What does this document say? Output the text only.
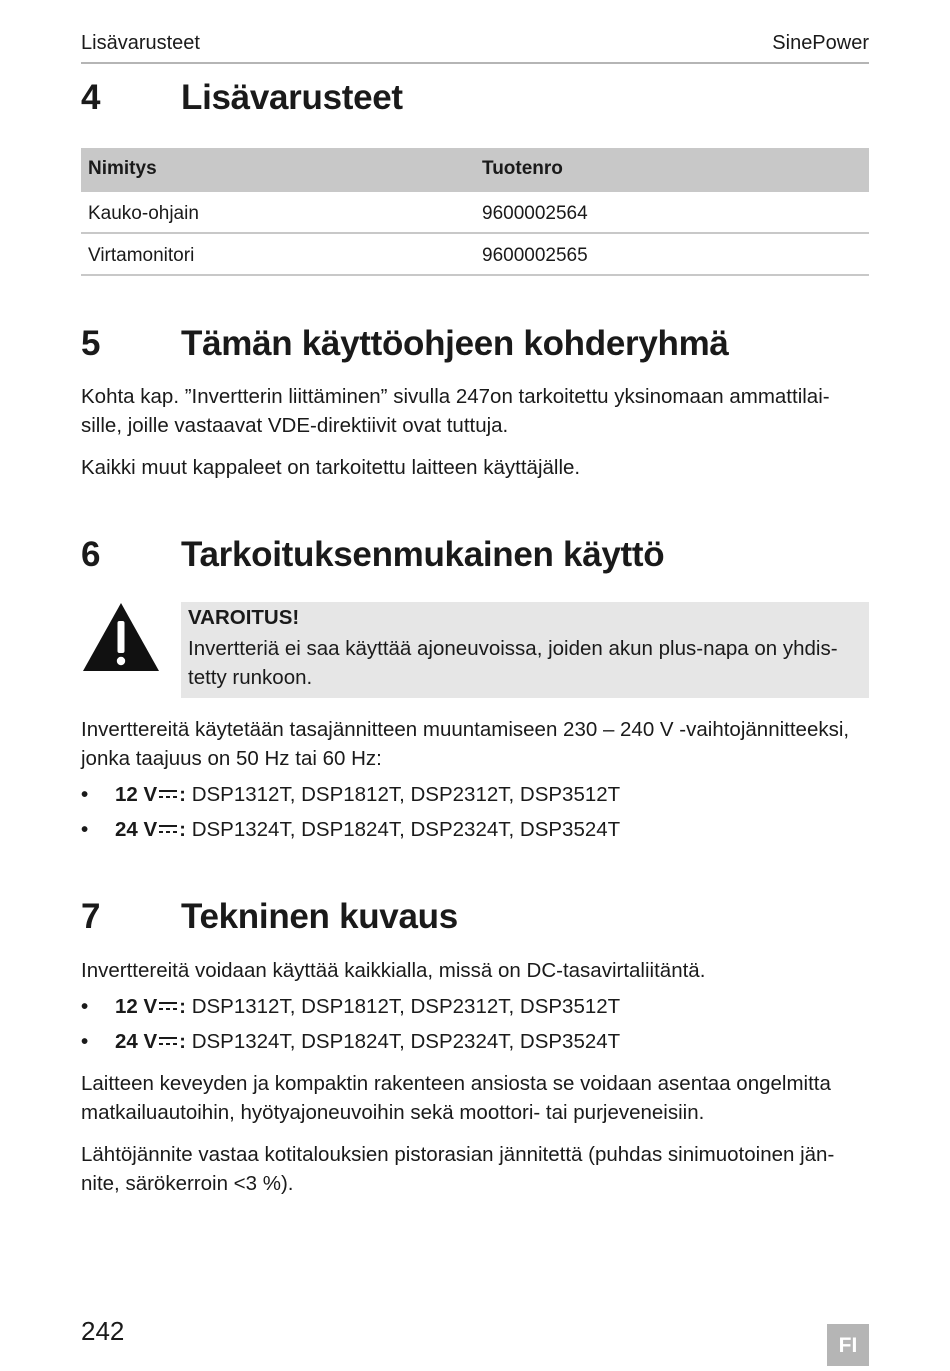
Lisävarusteet	SinePower
4 Lisävarusteet
Nimitys	Tuotenro
Kauko-ohjain	9600002564
Virtamonitori	9600002565
5 Tämän käyttöohjeen kohderyhmä
Kohta kap. ”Invertterin liittäminen” sivulla 247on tarkoitettu yksinomaan ammattilai-
sille, joille vastaavat VDE-direktiivit ovat tuttuja.
Kaikki muut kappaleet on tarkoitettu laitteen käyttäjälle.
6 Tarkoituksenmukainen käyttö
VAROITUS!
Invertteriä ei saa käyttää ajoneuvoissa, joiden akun plus-napa on yhdis-
tetty runkoon.
Inverttereitä käytetään tasajännitteen muuntamiseen 230 – 240 V -vaihtojännitteeksi,
jonka taajuus on 50 Hz tai 60 Hz:
• 12 V : DSP1312T, DSP1812T, DSP2312T, DSP3512T
• 24 V : DSP1324T, DSP1824T, DSP2324T, DSP3524T
7 Tekninen kuvaus
Inverttereitä voidaan käyttää kaikkialla, missä on DC-tasavirtaliitäntä.
• 12 V : DSP1312T, DSP1812T, DSP2312T, DSP3512T
• 24 V : DSP1324T, DSP1824T, DSP2324T, DSP3524T
Laitteen keveyden ja kompaktin rakenteen ansiosta se voidaan asentaa ongelmitta
matkailuautoihin, hyötyajoneuvoihin sekä moottori- tai purjeveneisiin.
Lähtöjännite vastaa kotitalouksien pistorasian jännitettä (puhdas sinimuotoinen jän-
nite, särökerroin <3 %).
242	FI
